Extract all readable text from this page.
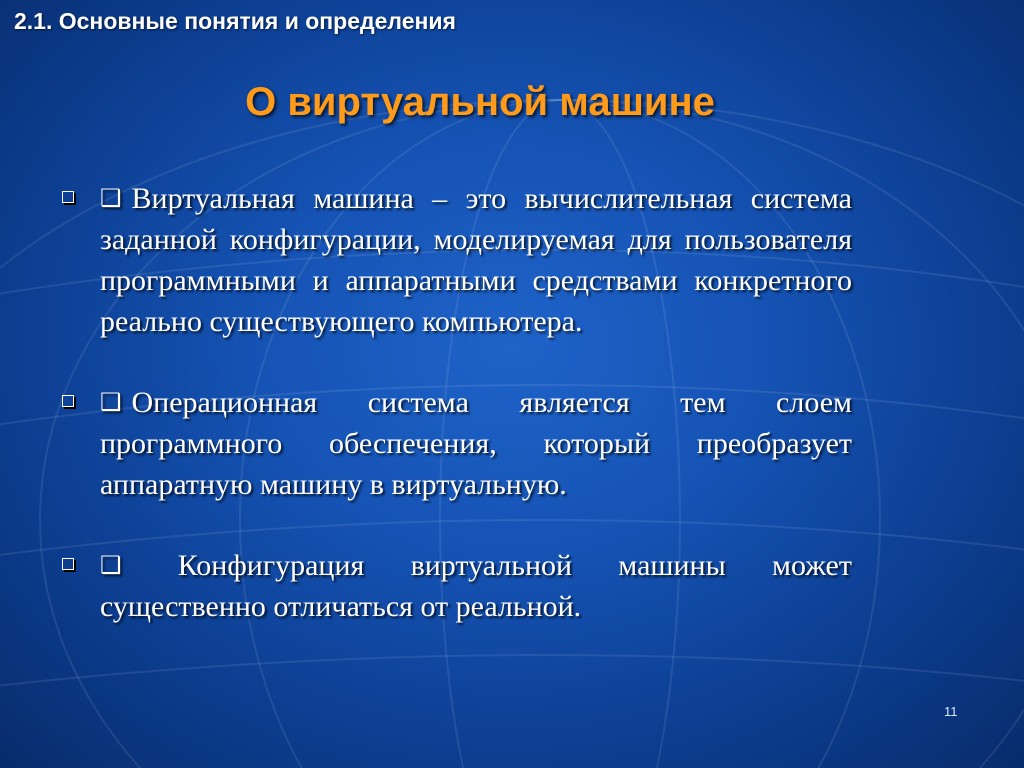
2.1. Основные понятия и определения
О виртуальной машине
❑ Виртуальная машина – это вычислительная система заданной конфигурации, моделируемая для пользователя программными и аппаратными средствами конкретного реально существующего компьютера.
❑ Операционная система является тем слоем программного обеспечения, который преобразует аппаратную машину в виртуальную.
❑ Конфигурация виртуальной машины может существенно отличаться от реальной.
11
